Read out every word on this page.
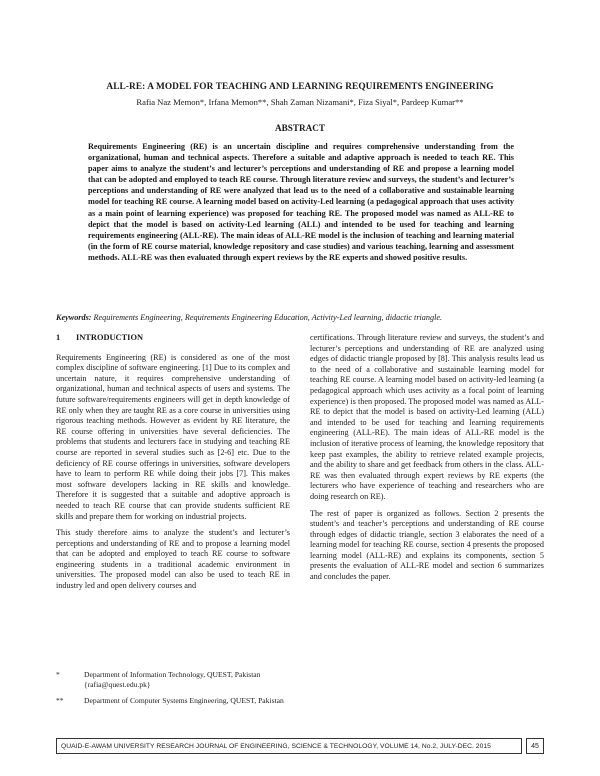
ALL-RE: A MODEL FOR TEACHING AND LEARNING REQUIREMENTS ENGINEERING
Rafia Naz Memon*, Irfana Memon**, Shah Zaman Nizamani*, Fiza Siyal*, Pardeep Kumar**
ABSTRACT
Requirements Engineering (RE) is an uncertain discipline and requires comprehensive understanding from the organizational, human and technical aspects. Therefore a suitable and adaptive approach is needed to teach RE. This paper aims to analyze the student’s and lecturer’s perceptions and understanding of RE and propose a learning model that can be adopted and employed to teach RE course. Through literature review and surveys, the student’s and lecturer’s perceptions and understanding of RE were analyzed that lead us to the need of a collaborative and sustainable learning model for teaching RE course. A learning model based on activity-Led learning (a pedagogical approach that uses activity as a main point of learning experience) was proposed for teaching RE. The proposed model was named as ALL-RE to depict that the model is based on activity-Led learning (ALL) and intended to be used for teaching and learning requirements engineering (ALL-RE). The main ideas of ALL-RE model is the inclusion of teaching and learning material (in the form of RE course material, knowledge repository and case studies) and various teaching, learning and assessment methods. ALL-RE was then evaluated through expert reviews by the RE experts and showed positive results.
Keywords: Requirements Engineering, Requirements Engineering Education, Activity-Led learning, didactic triangle.
1 INTRODUCTION

Requirements Engineering (RE) is considered as one of the most complex discipline of software engineering. [1] Due to its complex and uncertain nature, it requires comprehensive understanding of organizational, human and technical aspects of users and systems. The future software/requirements engineers will get in depth knowledge of RE only when they are taught RE as a core course in universities using rigorous teaching methods. However as evident by RE literature, the RE course offering in universities have several deficiencies. The problems that students and lecturers face in studying and teaching RE course are reported in several studies such as [2-6] etc. Due to the deficiency of RE course offerings in universities, software developers have to learn to perform RE while doing their jobs [7]. This makes most software developers lacking in RE skills and knowledge. Therefore it is suggested that a suitable and adoptive approach is needed to teach RE course that can provide students sufficient RE skills and prepare them for working on industrial projects.

This study therefore aims to analyze the student’s and lecturer’s perceptions and understanding of RE and to propose a learning model that can be adopted and employed to teach RE course to software engineering students in a traditional academic environment in universities. The proposed model can also be used to teach RE in industry led and open delivery courses and

certifications. Through literature review and surveys, the student’s and lecturer’s perceptions and understanding of RE are analyzed using edges of didactic triangle proposed by [8]. This analysis results lead us to the need of a collaborative and sustainable learning model for teaching RE course. A learning model based on activity-led learning (a pedagogical approach which uses activity as a focal point of learning experience) is then proposed. The proposed model was named as ALL-RE to depict that the model is based on activity-Led learning (ALL) and intended to be used for teaching and learning requirements engineering (ALL-RE). The main ideas of ALL-RE model is the inclusion of iterative process of learning, the knowledge repository that keep past examples, the ability to retrieve related example projects, and the ability to share and get feedback from others in the class. ALL-RE was then evaluated through expert reviews by RE experts (the lecturers who have experience of teaching and researchers who are doing research on RE).

The rest of paper is organized as follows. Section 2 presents the student’s and teacher’s perceptions and understanding of RE course through edges of didactic triangle, section 3 elaborates the need of a learning model for teaching RE course, section 4 presents the proposed learning model (ALL-RE) and explains its components, section 5 presents the evaluation of ALL-RE model and section 6 summarizes and concludes the paper.

*	Department of Information Technology, QUEST, Pakistan
{rafia@quest.edu.pk}
**	Department of Computer Systems Engineering, QUEST, Pakistan
QUAID-E-AWAM UNIVERSITY RESEARCH JOURNAL OF ENGINEERING, SCIENCE & TECHNOLOGY, VOLUME 14, No.2, JULY-DEC. 2015	45
